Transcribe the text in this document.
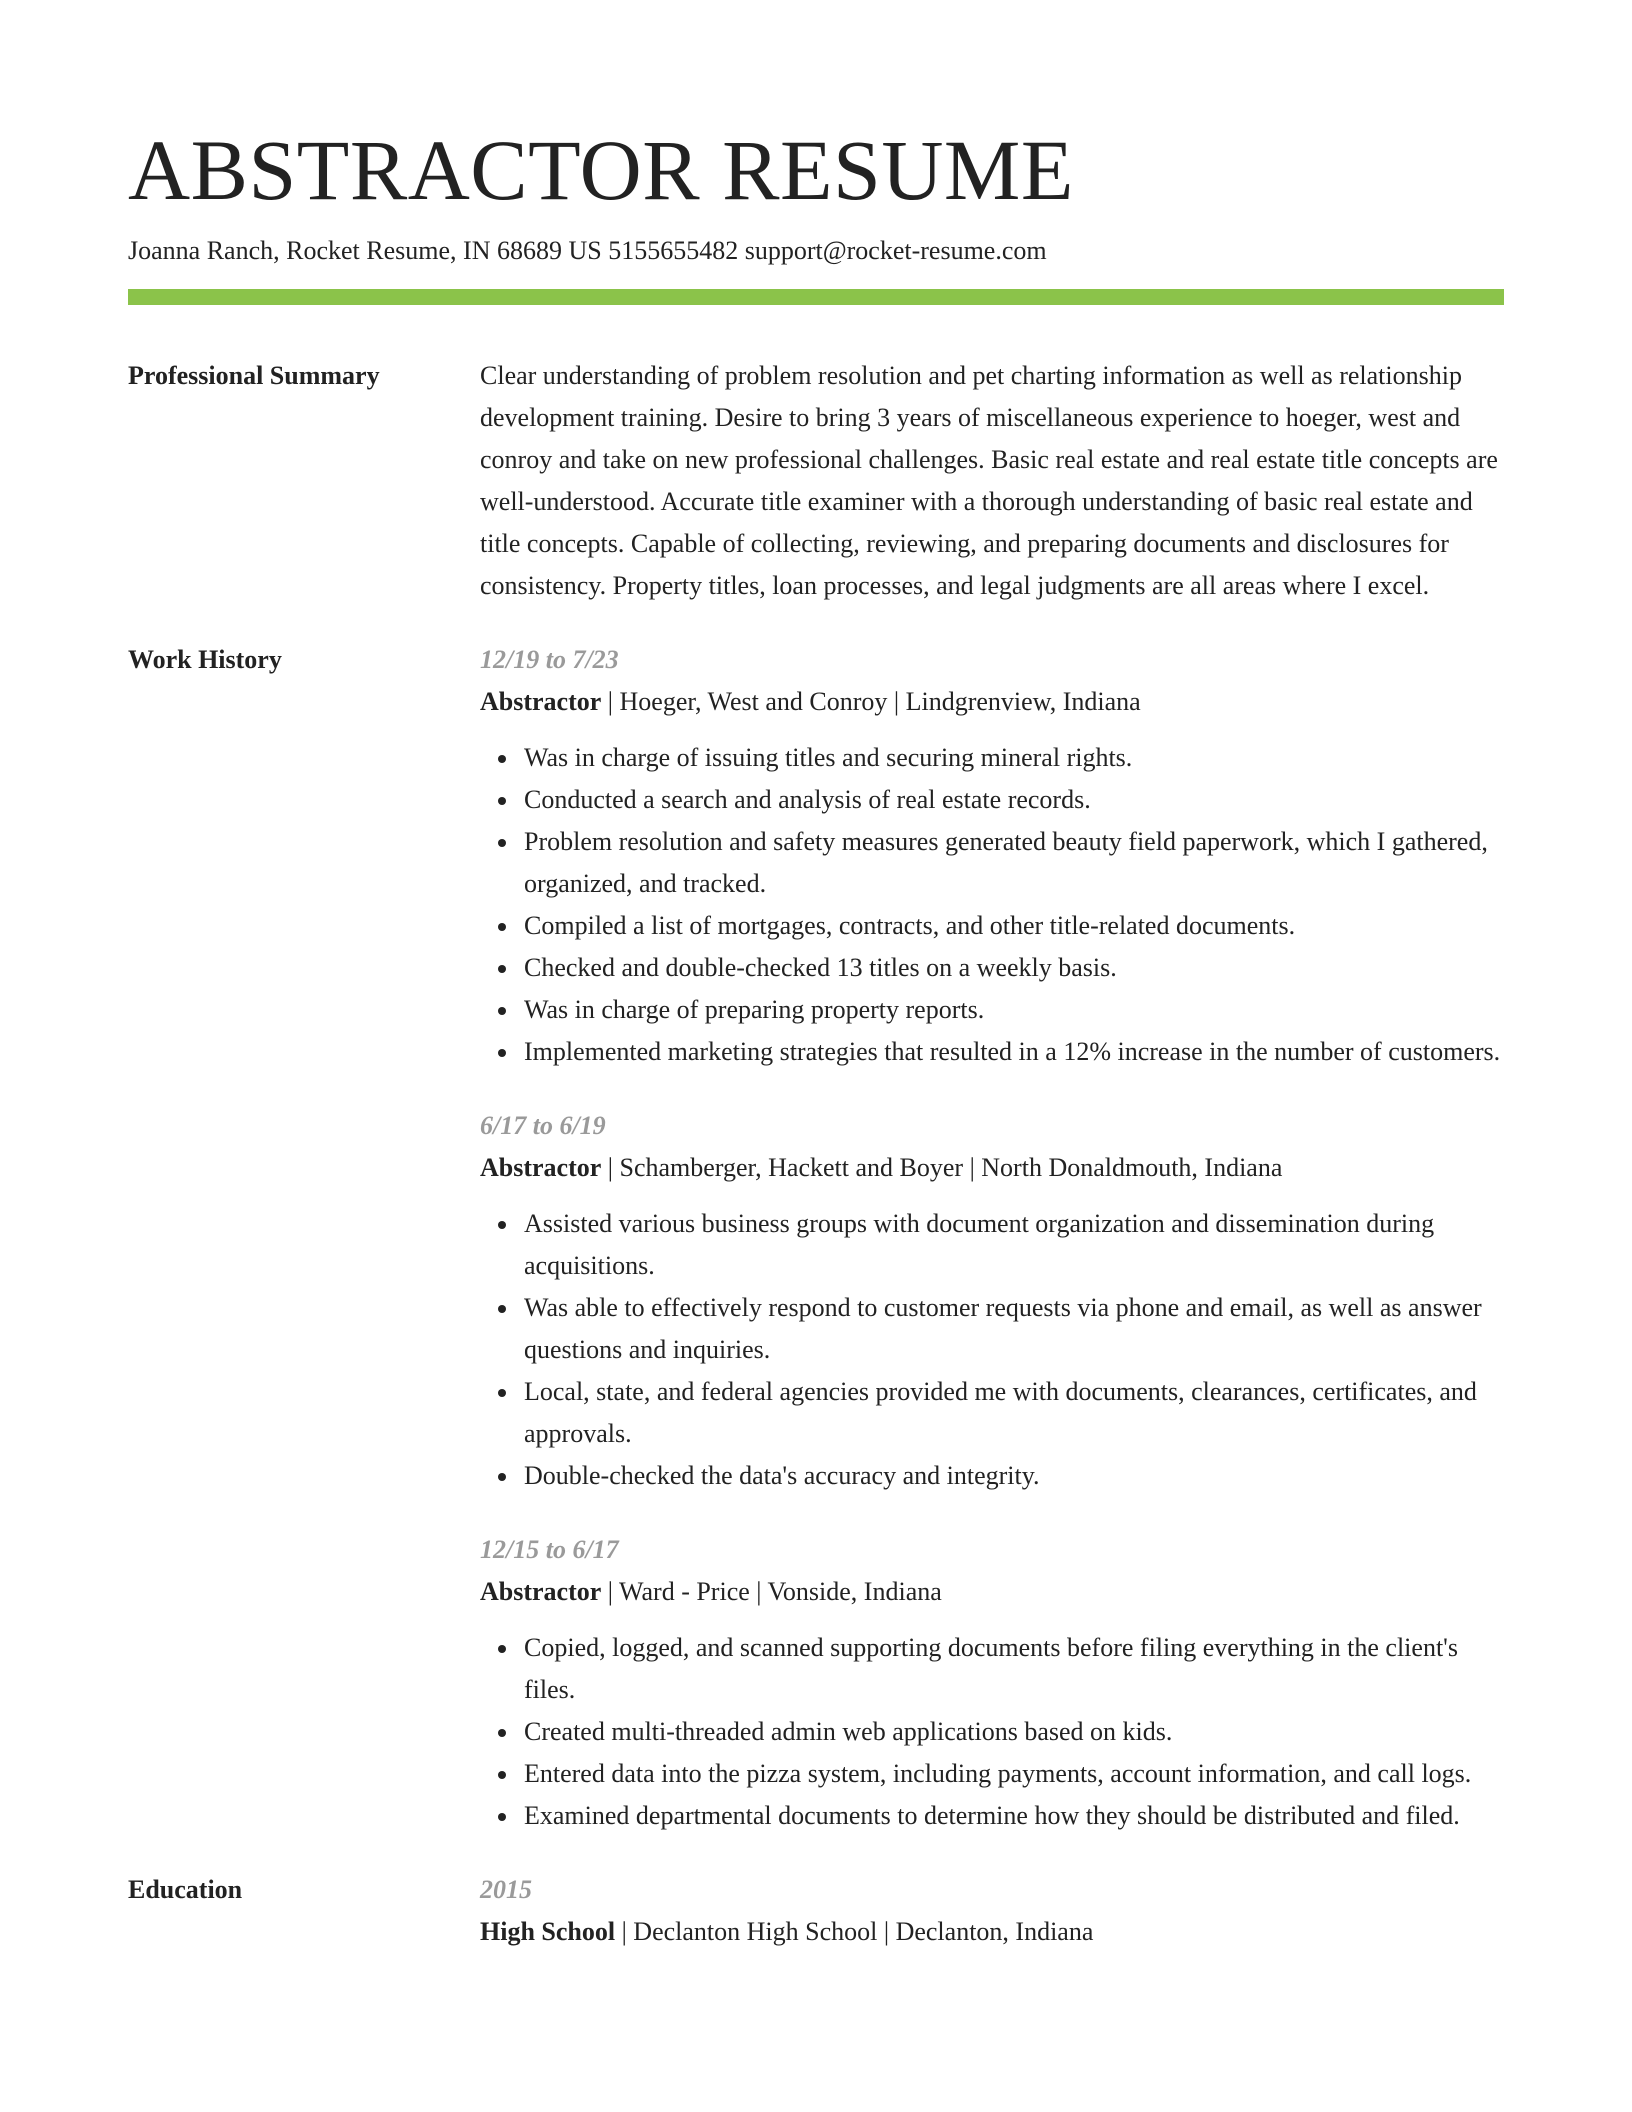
ABSTRACTOR RESUME
Joanna Ranch, Rocket Resume, IN 68689 US 5155655482 support@rocket-resume.com
Professional Summary	Clear understanding of problem resolution and pet charting information as well as relationship development training. Desire to bring 3 years of miscellaneous experience to hoeger, west and conroy and take on new professional challenges. Basic real estate and real estate title concepts are well-understood. Accurate title examiner with a thorough understanding of basic real estate and title concepts. Capable of collecting, reviewing, and preparing documents and disclosures for consistency. Property titles, loan processes, and legal judgments are all areas where I excel.

Work History	12/19 to 7/23
Abstractor | Hoeger, West and Conroy | Lindgrenview, Indiana
Was in charge of issuing titles and securing mineral rights.
Conducted a search and analysis of real estate records.
Problem resolution and safety measures generated beauty field paperwork, which I gathered, organized, and tracked.
Compiled a list of mortgages, contracts, and other title-related documents.
Checked and double-checked 13 titles on a weekly basis.
Was in charge of preparing property reports.
Implemented marketing strategies that resulted in a 12% increase in the number of customers.
6/17 to 6/19
Abstractor | Schamberger, Hackett and Boyer | North Donaldmouth, Indiana
Assisted various business groups with document organization and dissemination during acquisitions.
Was able to effectively respond to customer requests via phone and email, as well as answer questions and inquiries.
Local, state, and federal agencies provided me with documents, clearances, certificates, and approvals.
Double-checked the data's accuracy and integrity.
12/15 to 6/17
Abstractor | Ward - Price | Vonside, Indiana
Copied, logged, and scanned supporting documents before filing everything in the client's files.
Created multi-threaded admin web applications based on kids.
Entered data into the pizza system, including payments, account information, and call logs.
Examined departmental documents to determine how they should be distributed and filed.
Education	2015
High School | Declanton High School | Declanton, Indiana
